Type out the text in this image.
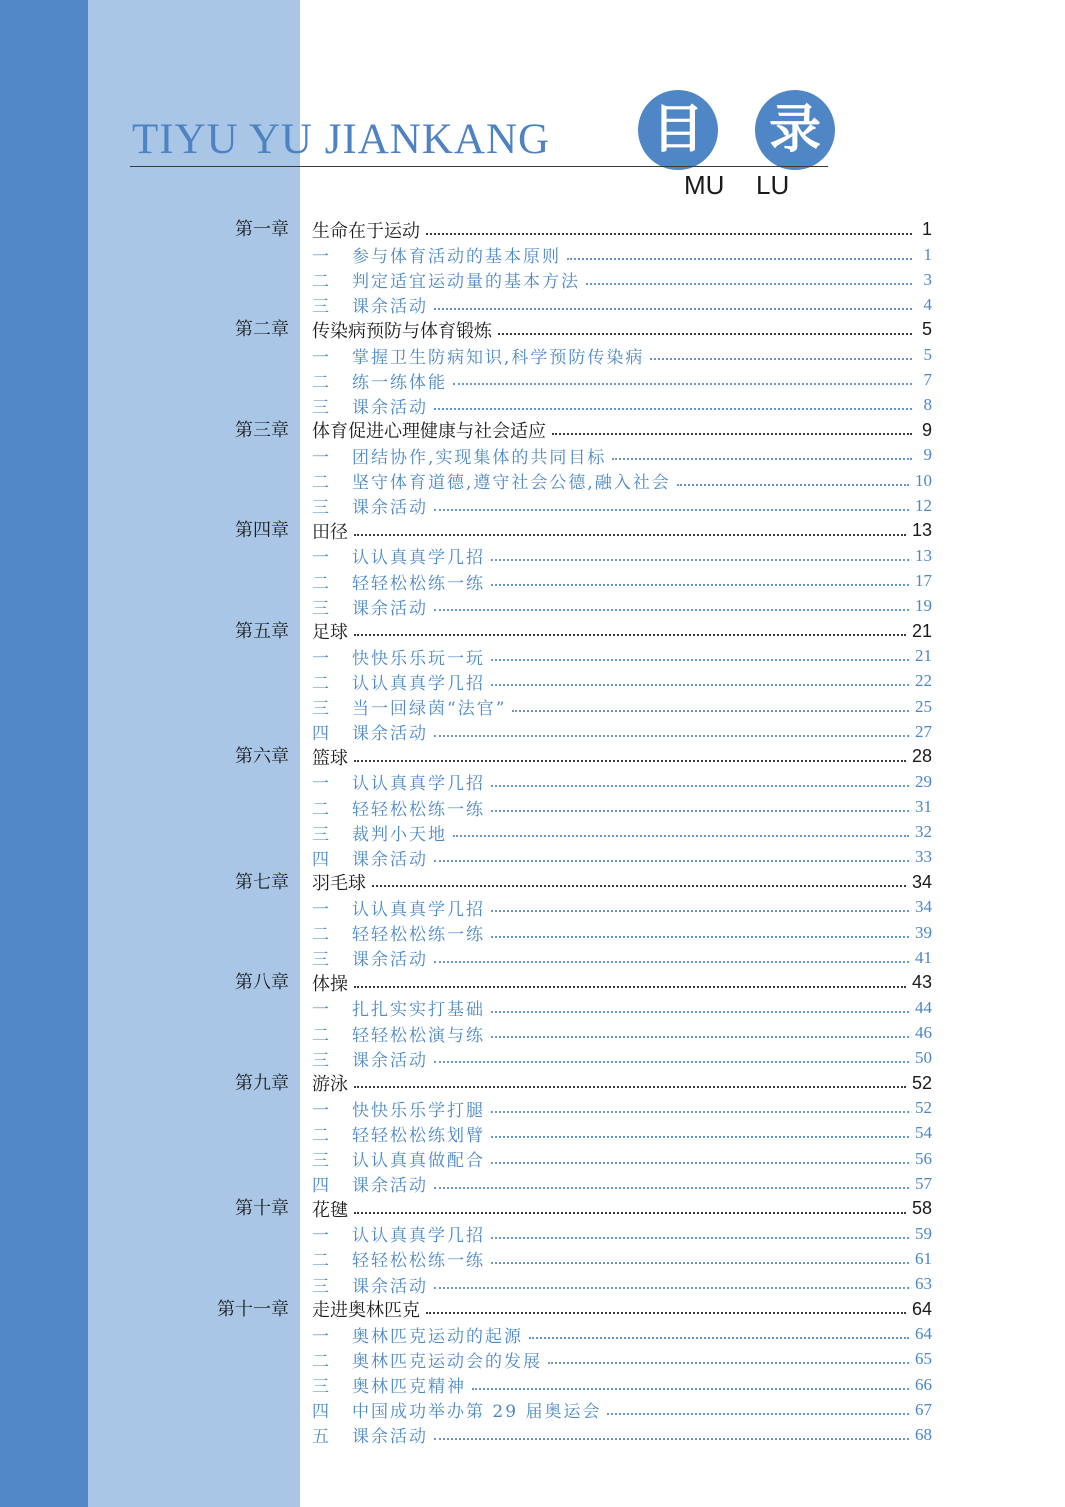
TIYU YU JIANKANG 目 录
MU LU
第一章 生命在于运动	1
一	参与体育活动的基本原则	1
二	判定适宜运动量的基本方法	3
三	课余活动	4
第二章 传染病预防与体育锻炼	5
一	掌握卫生防病知识,科学预防传染病	5
二	练一练体能	7
三	课余活动	8
第三章 体育促进心理健康与社会适应	9
一	团结协作,实现集体的共同目标	9
二	坚守体育道德,遵守社会公德,融入社会	10
三	课余活动	12
第四章 田径	13
一	认认真真学几招	13
二	轻轻松松练一练	17
三	课余活动	19
第五章 足球	21
一	快快乐乐玩一玩	21
二	认认真真学几招	22
三	当一回绿茵“法官”	25
四	课余活动	27
第六章 篮球	28
一	认认真真学几招	29
二	轻轻松松练一练	31
三	裁判小天地	32
四	课余活动	33
第七章 羽毛球	34
一	认认真真学几招	34
二	轻轻松松练一练	39
三	课余活动	41
第八章 体操	43
一	扎扎实实打基础	44
二	轻轻松松演与练	46
三	课余活动	50
第九章 游泳	52
一	快快乐乐学打腿	52
二	轻轻松松练划臂	54
三	认认真真做配合	56
四	课余活动	57
第十章 花毽	58
一	认认真真学几招	59
二	轻轻松松练一练	61
三	课余活动	63
第十一章 走进奥林匹克	64
一	奥林匹克运动的起源	64
二	奥林匹克运动会的发展	65
三	奥林匹克精神	66
四	中国成功举办第 29 届奥运会	67
五	课余活动	68
